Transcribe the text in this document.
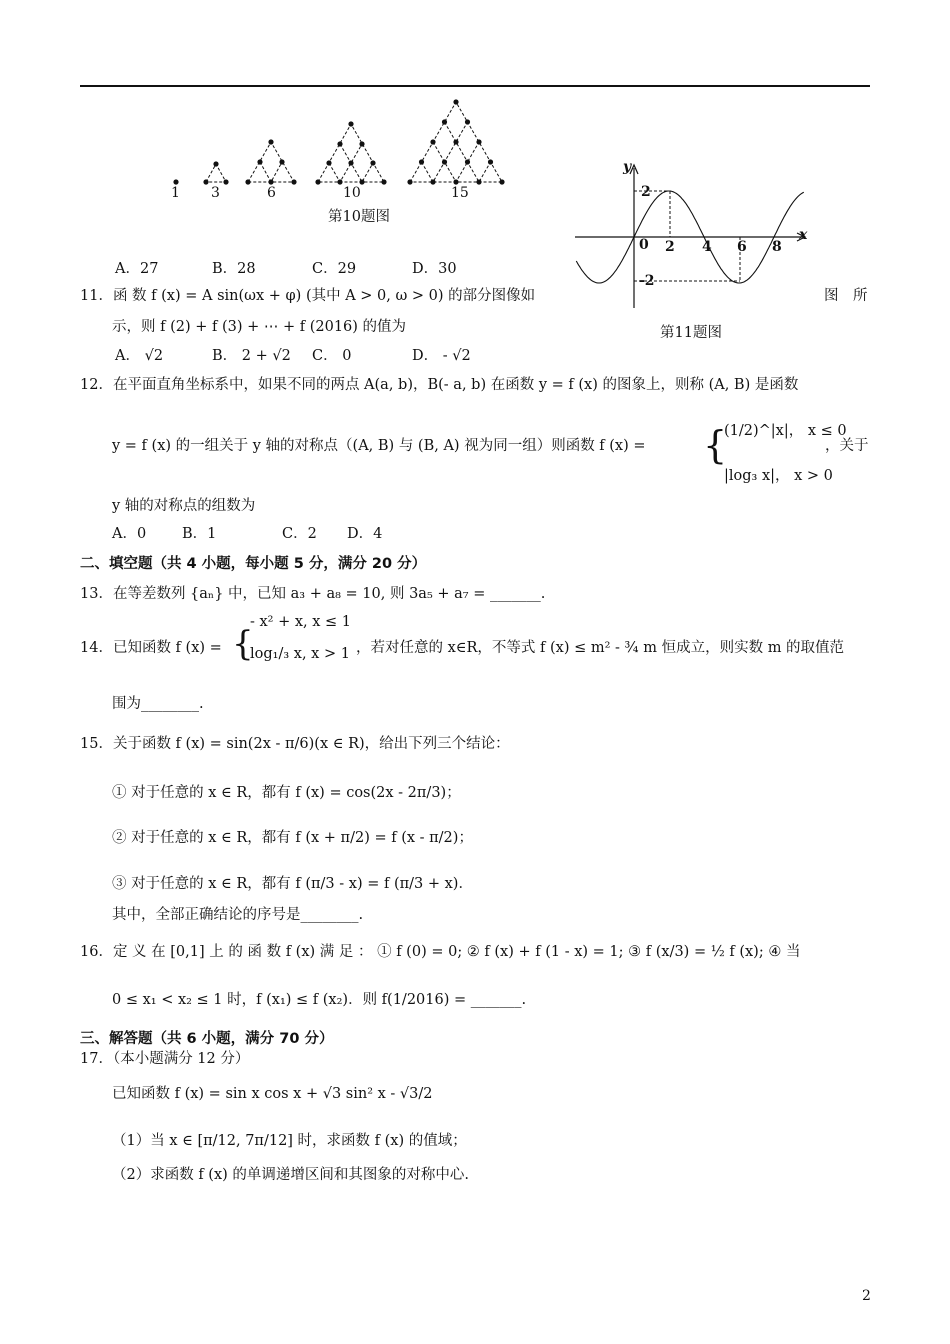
1 3	6	10	15
第10题图
y
x
2
-2
0 2 4 6 8
第11题图
A．27	B．28	C．29	D．30
11．函 数 f (x) = A sin(ωx + φ) (其中 A > 0, ω > 0) 的部分图像如	图　所
示，则 f (2) + f (3) + ⋯ + f (2016) 的值为
A． √2	B． 2 + √2 C． 0	D． - √2
12．在平面直角坐标系中，如果不同的两点 A(a, b)，B(- a, b) 在函数 y = f (x) 的图象上，则称 (A, B) 是函数
y = f (x) 的一组关于 y 轴的对称点（(A, B) 与 (B, A) 视为同一组）则函数 f (x) = {
(1/2)^|x|， x ≤ 0
|log₃ x|， x > 0
，关于
y 轴的对称点的组数为
A．0 B．1	C．2 D．4
二、填空题（共 4 小题，每小题 5 分，满分 20 分）
13．在等差数列 {aₙ} 中，已知 a₃ + a₈ = 10, 则 3a₅ + a₇ = _______.
14．已知函数 f (x) = {
- x² + x, x ≤ 1
log₁/₃ x, x > 1 ，若对任意的 x∈R，不等式 f (x) ≤ m² - ¾ m 恒成立，则实数 m 的取值范
围为________.
15．关于函数 f (x) = sin(2x - π/6)(x ∈ R)，给出下列三个结论：
① 对于任意的 x ∈ R，都有 f (x) = cos(2x - 2π/3)；
② 对于任意的 x ∈ R，都有 f (x + π/2) = f (x - π/2)；
③ 对于任意的 x ∈ R，都有 f (π/3 - x) = f (π/3 + x)．
其中，全部正确结论的序号是________.
16．定 义 在 [0,1] 上 的 函 数 f (x) 满 足 ： ① f (0) = 0; ② f (x) + f (1 - x) = 1; ③ f (x/3) = ½ f (x); ④ 当
0 ≤ x₁ < x₂ ≤ 1 时，f (x₁) ≤ f (x₂)．则 f(1/2016) = _______.
三、解答题（共 6 小题，满分 70 分）
17．（本小题满分 12 分）
已知函数 f (x) = sin x cos x + √3 sin² x - √3/2
（1）当 x ∈ [π/12, 7π/12] 时，求函数 f (x) 的值域；
（2）求函数 f (x) 的单调递增区间和其图象的对称中心.
2
